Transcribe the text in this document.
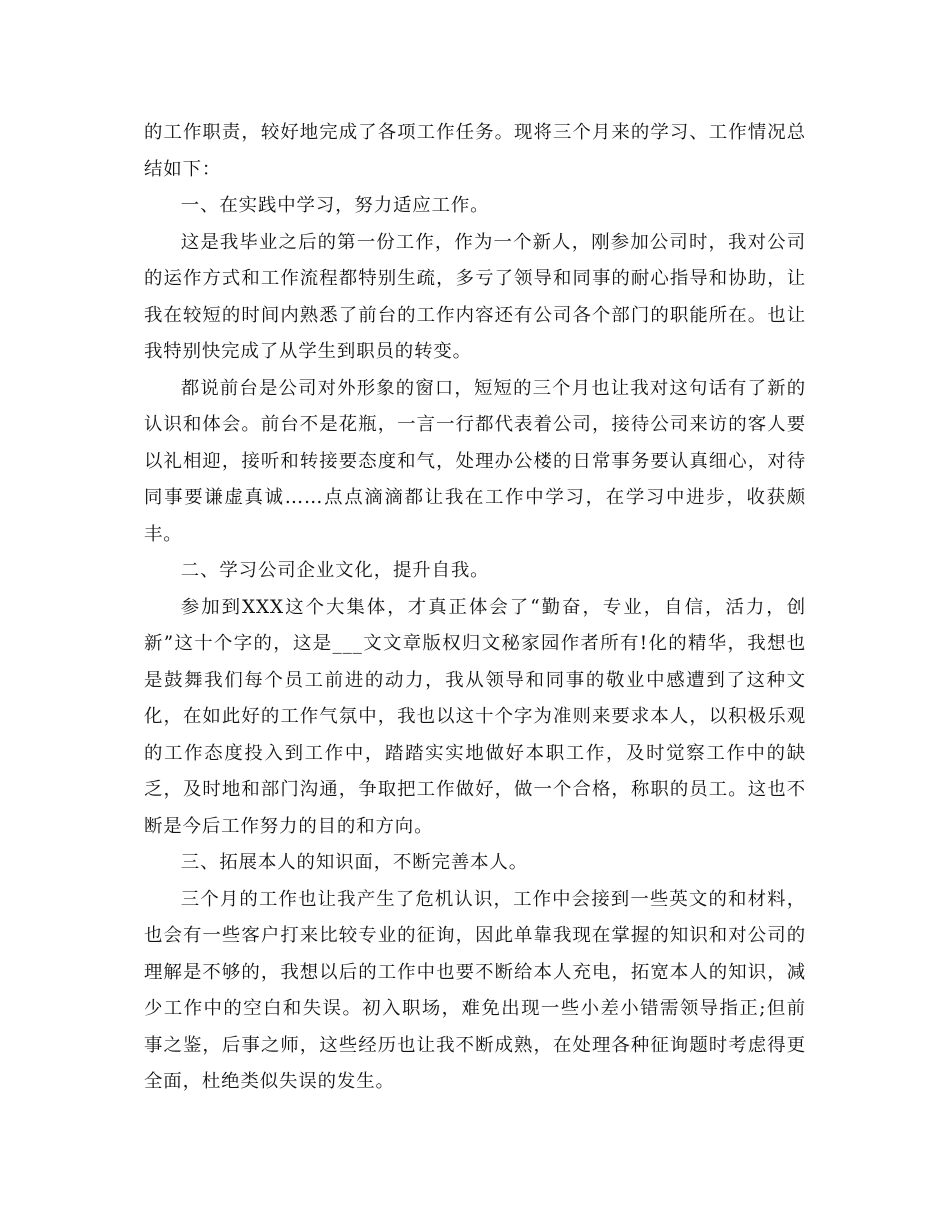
的工作职责，较好地完成了各项工作任务。现将三个月来的学习、工作情况总结如下：

一、在实践中学习，努力适应工作。

这是我毕业之后的第一份工作，作为一个新人，刚参加公司时，我对公司的运作方式和工作流程都特别生疏，多亏了领导和同事的耐心指导和协助，让我在较短的时间内熟悉了前台的工作内容还有公司各个部门的职能所在。也让我特别快完成了从学生到职员的转变。

都说前台是公司对外形象的窗口，短短的三个月也让我对这句话有了新的认识和体会。前台不是花瓶，一言一行都代表着公司，接待公司来访的客人要以礼相迎，接听和转接要态度和气，处理办公楼的日常事务要认真细心，对待同事要谦虚真诚……点点滴滴都让我在工作中学习，在学习中进步，收获颇丰。

二、学习公司企业文化，提升自我。

参加到XXX这个大集体，才真正体会了“勤奋，专业，自信，活力，创新”这十个字的，这是___文文章版权归文秘家园作者所有!化的精华，我想也是鼓舞我们每个员工前进的动力，我从领导和同事的敬业中感遭到了这种文化，在如此好的工作气氛中，我也以这十个字为准则来要求本人，以积极乐观的工作态度投入到工作中，踏踏实实地做好本职工作，及时觉察工作中的缺乏，及时地和部门沟通，争取把工作做好，做一个合格，称职的员工。这也不断是今后工作努力的目的和方向。

三、拓展本人的知识面，不断完善本人。

三个月的工作也让我产生了危机认识，工作中会接到一些英文的和材料，也会有一些客户打来比较专业的征询，因此单靠我现在掌握的知识和对公司的理解是不够的，我想以后的工作中也要不断给本人充电，拓宽本人的知识，减少工作中的空白和失误。初入职场，难免出现一些小差小错需领导指正;但前事之鉴，后事之师，这些经历也让我不断成熟，在处理各种征询题时考虑得更全面，杜绝类似失误的发生。
